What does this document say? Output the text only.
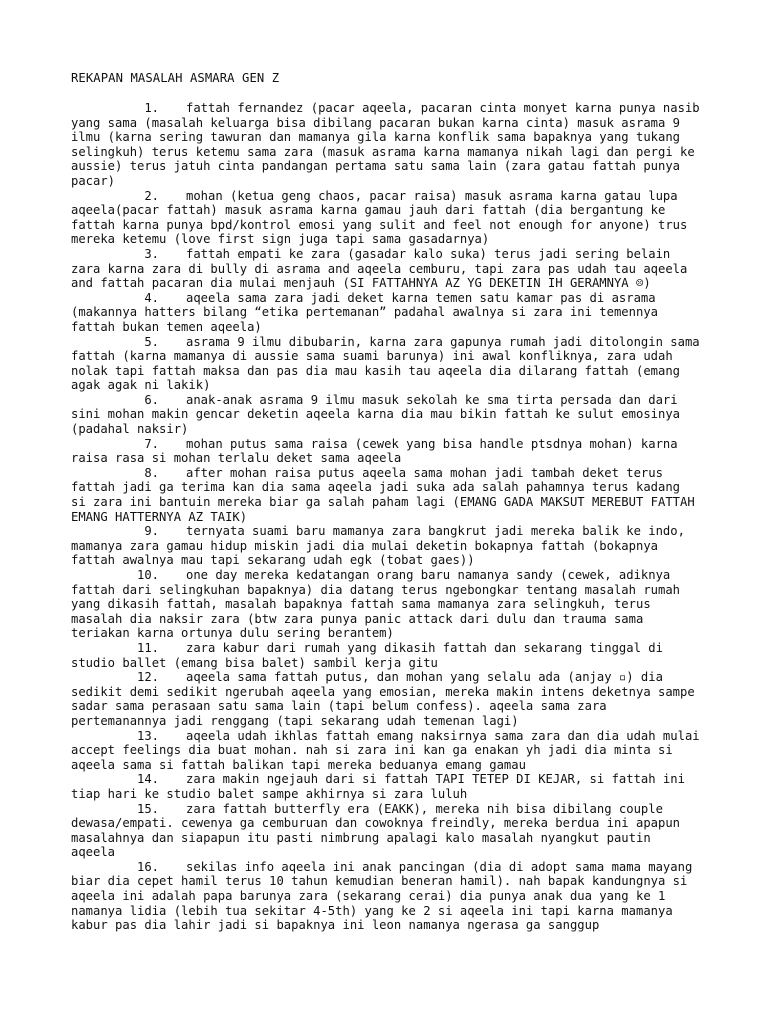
REKAPAN MASALAH ASMARA GEN Z

1. fattah fernandez (pacar aqeela, pacaran cinta monyet karna punya nasib yang sama (masalah keluarga bisa dibilang pacaran bukan karna cinta) masuk asrama 9 ilmu (karna sering tawuran dan mamanya gila karna konflik sama bapaknya yang tukang selingkuh) terus ketemu sama zara (masuk asrama karna mamanya nikah lagi dan pergi ke aussie) terus jatuh cinta pandangan pertama satu sama lain (zara gatau fattah punya pacar)

2. mohan (ketua geng chaos, pacar raisa) masuk asrama karna gatau lupa aqeela(pacar fattah) masuk asrama karna gamau jauh dari fattah (dia bergantung ke fattah karna punya bpd/kontrol emosi yang sulit and feel not enough for anyone) trus mereka ketemu (love first sign juga tapi sama gasadarnya)

3. fattah empati ke zara (gasadar kalo suka) terus jadi sering belain zara karna zara di bully di asrama and aqeela cemburu, tapi zara pas udah tau aqeela and fattah pacaran dia mulai menjauh (SI FATTAHNYA AZ YG DEKETIN IH GERAMNYA ☹)

4. aqeela sama zara jadi deket karna temen satu kamar pas di asrama (makannya hatters bilang “etika pertemanan” padahal awalnya si zara ini temennya fattah bukan temen aqeela)

5. asrama 9 ilmu dibubarin, karna zara gapunya rumah jadi ditolongin sama fattah (karna mamanya di aussie sama suami barunya) ini awal konfliknya, zara udah nolak tapi fattah maksa dan pas dia mau kasih tau aqeela dia dilarang fattah (emang agak agak ni lakik)

6. anak-anak asrama 9 ilmu masuk sekolah ke sma tirta persada dan dari sini mohan makin gencar deketin aqeela karna dia mau bikin fattah ke sulut emosinya (padahal naksir)

7. mohan putus sama raisa (cewek yang bisa handle ptsdnya mohan) karna raisa rasa si mohan terlalu deket sama aqeela

8. after mohan raisa putus aqeela sama mohan jadi tambah deket terus fattah jadi ga terima kan dia sama aqeela jadi suka ada salah pahamnya terus kadang si zara ini bantuin mereka biar ga salah paham lagi (EMANG GADA MAKSUT MEREBUT FATTAH EMANG HATTERNYA AZ TAIK)

9. ternyata suami baru mamanya zara bangkrut jadi mereka balik ke indo, mamanya zara gamau hidup miskin jadi dia mulai deketin bokapnya fattah (bokapnya fattah awalnya mau tapi sekarang udah egk (tobat gaes))

10. one day mereka kedatangan orang baru namanya sandy (cewek, adiknya fattah dari selingkuhan bapaknya) dia datang terus ngebongkar tentang masalah rumah yang dikasih fattah, masalah bapaknya fattah sama mamanya zara selingkuh, terus masalah dia naksir zara (btw zara punya panic attack dari dulu dan trauma sama teriakan karna ortunya dulu sering berantem)

11. zara kabur dari rumah yang dikasih fattah dan sekarang tinggal di studio ballet (emang bisa balet) sambil kerja gitu

12. aqeela sama fattah putus, dan mohan yang selalu ada (anjay ▫) dia sedikit demi sedikit ngerubah aqeela yang emosian, mereka makin intens deketnya sampe sadar sama perasaan satu sama lain (tapi belum confess). aqeela sama zara pertemanannya jadi renggang (tapi sekarang udah temenan lagi)

13. aqeela udah ikhlas fattah emang naksirnya sama zara dan dia udah mulai accept feelings dia buat mohan. nah si zara ini kan ga enakan yh jadi dia minta si aqeela sama si fattah balikan tapi mereka beduanya emang gamau

14. zara makin ngejauh dari si fattah TAPI TETEP DI KEJAR, si fattah ini tiap hari ke studio balet sampe akhirnya si zara luluh

15. zara fattah butterfly era (EAKK), mereka nih bisa dibilang couple dewasa/empati. cewenya ga cemburuan dan cowoknya freindly, mereka berdua ini apapun masalahnya dan siapapun itu pasti nimbrung apalagi kalo masalah nyangkut pautin aqeela

16. sekilas info aqeela ini anak pancingan (dia di adopt sama mama mayang biar dia cepet hamil terus 10 tahun kemudian beneran hamil). nah bapak kandungnya si aqeela ini adalah papa barunya zara (sekarang cerai) dia punya anak dua yang ke 1 namanya lidia (lebih tua sekitar 4-5th) yang ke 2 si aqeela ini tapi karna mamanya kabur pas dia lahir jadi si bapaknya ini leon namanya ngerasa ga sanggup
